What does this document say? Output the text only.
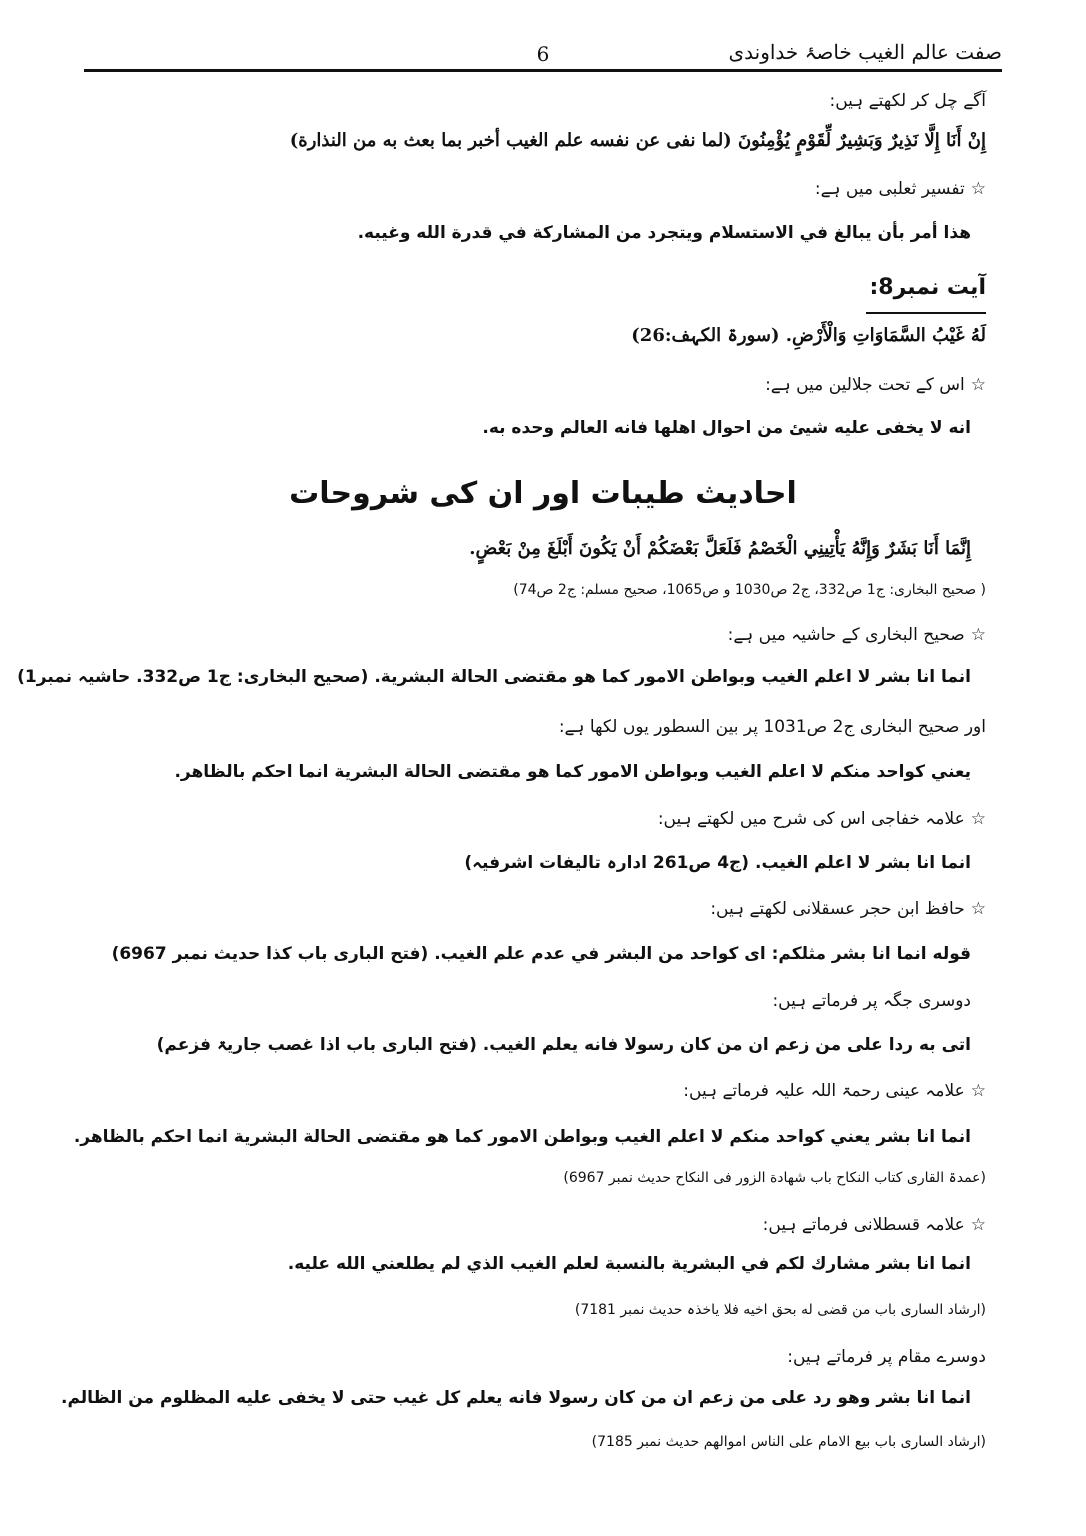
صفت عالم الغیب خاصۂ خداوندی
6
آگے چل کر لکھتے ہیں:
إِنْ أَنَا إِلَّا نَذِيرٌ وَبَشِيرٌ لِّقَوْمٍ يُؤْمِنُونَ (لما نفی عن نفسه علم الغيب أخبر بما بعث به من النذارة)
☆تفسیر ثعلبی میں ہے:
هذا أمر بأن يبالغ في الاستسلام ويتجرد من المشاركة في قدرة الله وغيبه.
آیت نمبر8:
لَهُ غَيْبُ السَّمَاوَاتِ وَالْأَرْضِ. (سورۃ الکہف:26)
☆اس کے تحت جلالین میں ہے:
انه لا يخفى عليه شيئ من احوال اهلها فانه العالم وحده به.
احادیث طیبات اور ان کی شروحات
إِنَّمَا أَنَا بَشَرٌ وَإِنَّهُ يَأْتِينِي الْخَصْمُ فَلَعَلَّ بَعْضَكُمْ أَنْ يَكُونَ أَبْلَغَ مِنْ بَعْضٍ.
( صحیح البخاری: ج1 ص332، ج2 ص1030 و ص1065، صحیح مسلم: ج2 ص74)
☆صحیح البخاری کے حاشیہ میں ہے:
انما انا بشر لا اعلم الغيب وبواطن الامور كما هو مقتضى الحالة البشرية. (صحیح البخاری: ج1 ص332. حاشیہ نمبر1)
اور صحیح البخاری ج2 ص1031 پر بین السطور یوں لکھا ہے:
يعني كواحد منكم لا اعلم الغيب وبواطن الامور كما هو مقتضى الحالة البشرية انما احكم بالظاهر.
☆علامہ خفاجی اس کی شرح میں لکھتے ہیں:
انما انا بشر لا اعلم الغيب. (ج4 ص261 ادارہ تالیفات اشرفیہ)
☆حافظ ابن حجر عسقلانی لکھتے ہیں:
قوله انما انا بشر مثلكم: اى كواحد من البشر في عدم علم الغيب. (فتح الباری باب کذا حدیث نمبر 6967)
دوسری جگہ پر فرماتے ہیں:
اتى به ردا على من زعم ان من كان رسولا فانه يعلم الغيب. (فتح الباری باب اذا غصب جاریۃ فزعم)
☆علامہ عینی رحمۃ اللہ علیہ فرماتے ہیں:
انما انا بشر يعني كواحد منكم لا اعلم الغيب وبواطن الامور كما هو مقتضى الحالة البشرية انما احكم بالظاهر.
(عمدۃ القاری کتاب النکاح باب شهادة الزور فی النکاح حدیث نمبر 6967)
☆علامہ قسطلانی فرماتے ہیں:
انما انا بشر مشارك لكم في البشرية بالنسبة لعلم الغيب الذي لم يطلعني الله عليه.
(ارشاد الساری باب من قضی له بحق اخیه فلا یاخذہ حدیث نمبر 7181)
دوسرے مقام پر فرماتے ہیں:
انما انا بشر وهو رد على من زعم ان من كان رسولا فانه يعلم كل غيب حتى لا يخفى عليه المظلوم من الظالم.
(ارشاد الساری باب بیع الامام علی الناس اموالهم حدیث نمبر 7185)
